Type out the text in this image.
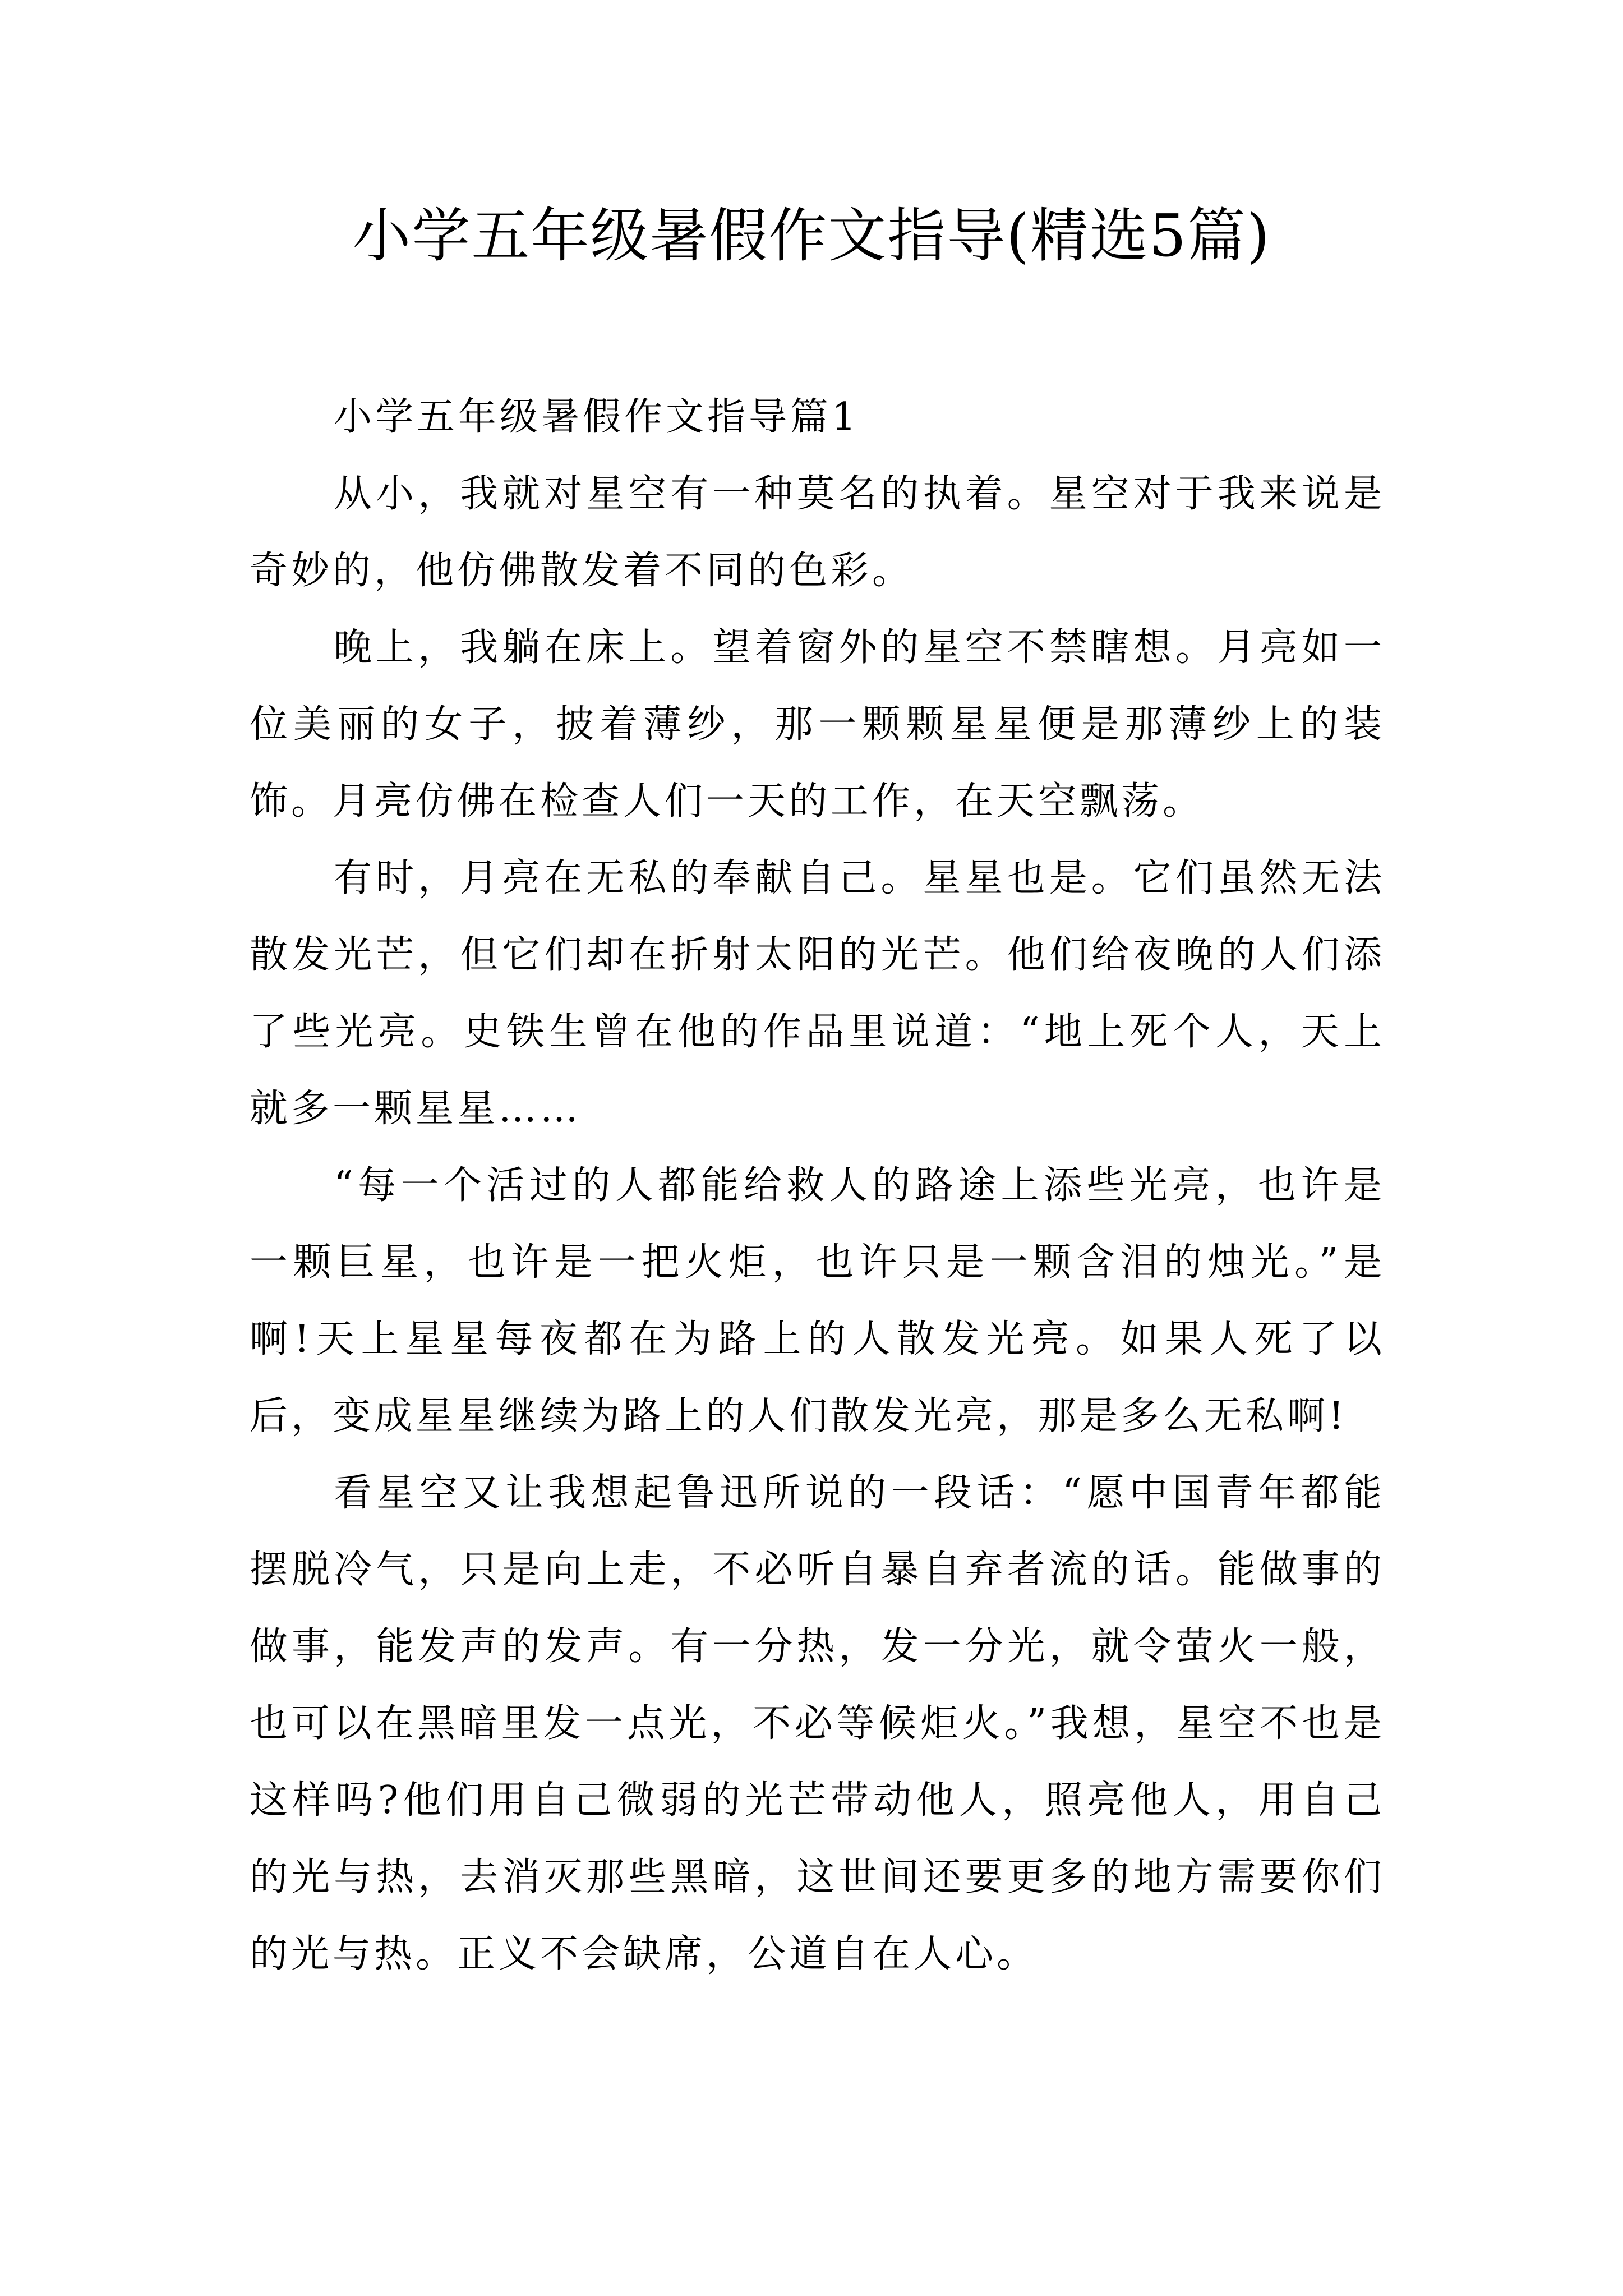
小学五年级暑假作文指导(精选5篇)

小学五年级暑假作文指导篇1

从小，我就对星空有一种莫名的执着。星空对于我来说是奇妙的，他仿佛散发着不同的色彩。

晚上，我躺在床上。望着窗外的星空不禁瞎想。月亮如一位美丽的女子，披着薄纱，那一颗颗星星便是那薄纱上的装饰。月亮仿佛在检查人们一天的工作，在天空飘荡。

有时，月亮在无私的奉献自己。星星也是。它们虽然无法散发光芒，但它们却在折射太阳的光芒。他们给夜晚的人们添了些光亮。史铁生曾在他的作品里说道：“地上死个人，天上就多一颗星星……

“每一个活过的人都能给救人的路途上添些光亮，也许是一颗巨星，也许是一把火炬，也许只是一颗含泪的烛光。”是啊!天上星星每夜都在为路上的人散发光亮。如果人死了以后，变成星星继续为路上的人们散发光亮，那是多么无私啊!

看星空又让我想起鲁迅所说的一段话：“愿中国青年都能摆脱冷气，只是向上走，不必听自暴自弃者流的话。能做事的做事，能发声的发声。有一分热，发一分光，就令萤火一般，也可以在黑暗里发一点光，不必等候炬火。”我想，星空不也是这样吗?他们用自己微弱的光芒带动他人，照亮他人，用自己的光与热，去消灭那些黑暗，这世间还要更多的地方需要你们的光与热。正义不会缺席，公道自在人心。
